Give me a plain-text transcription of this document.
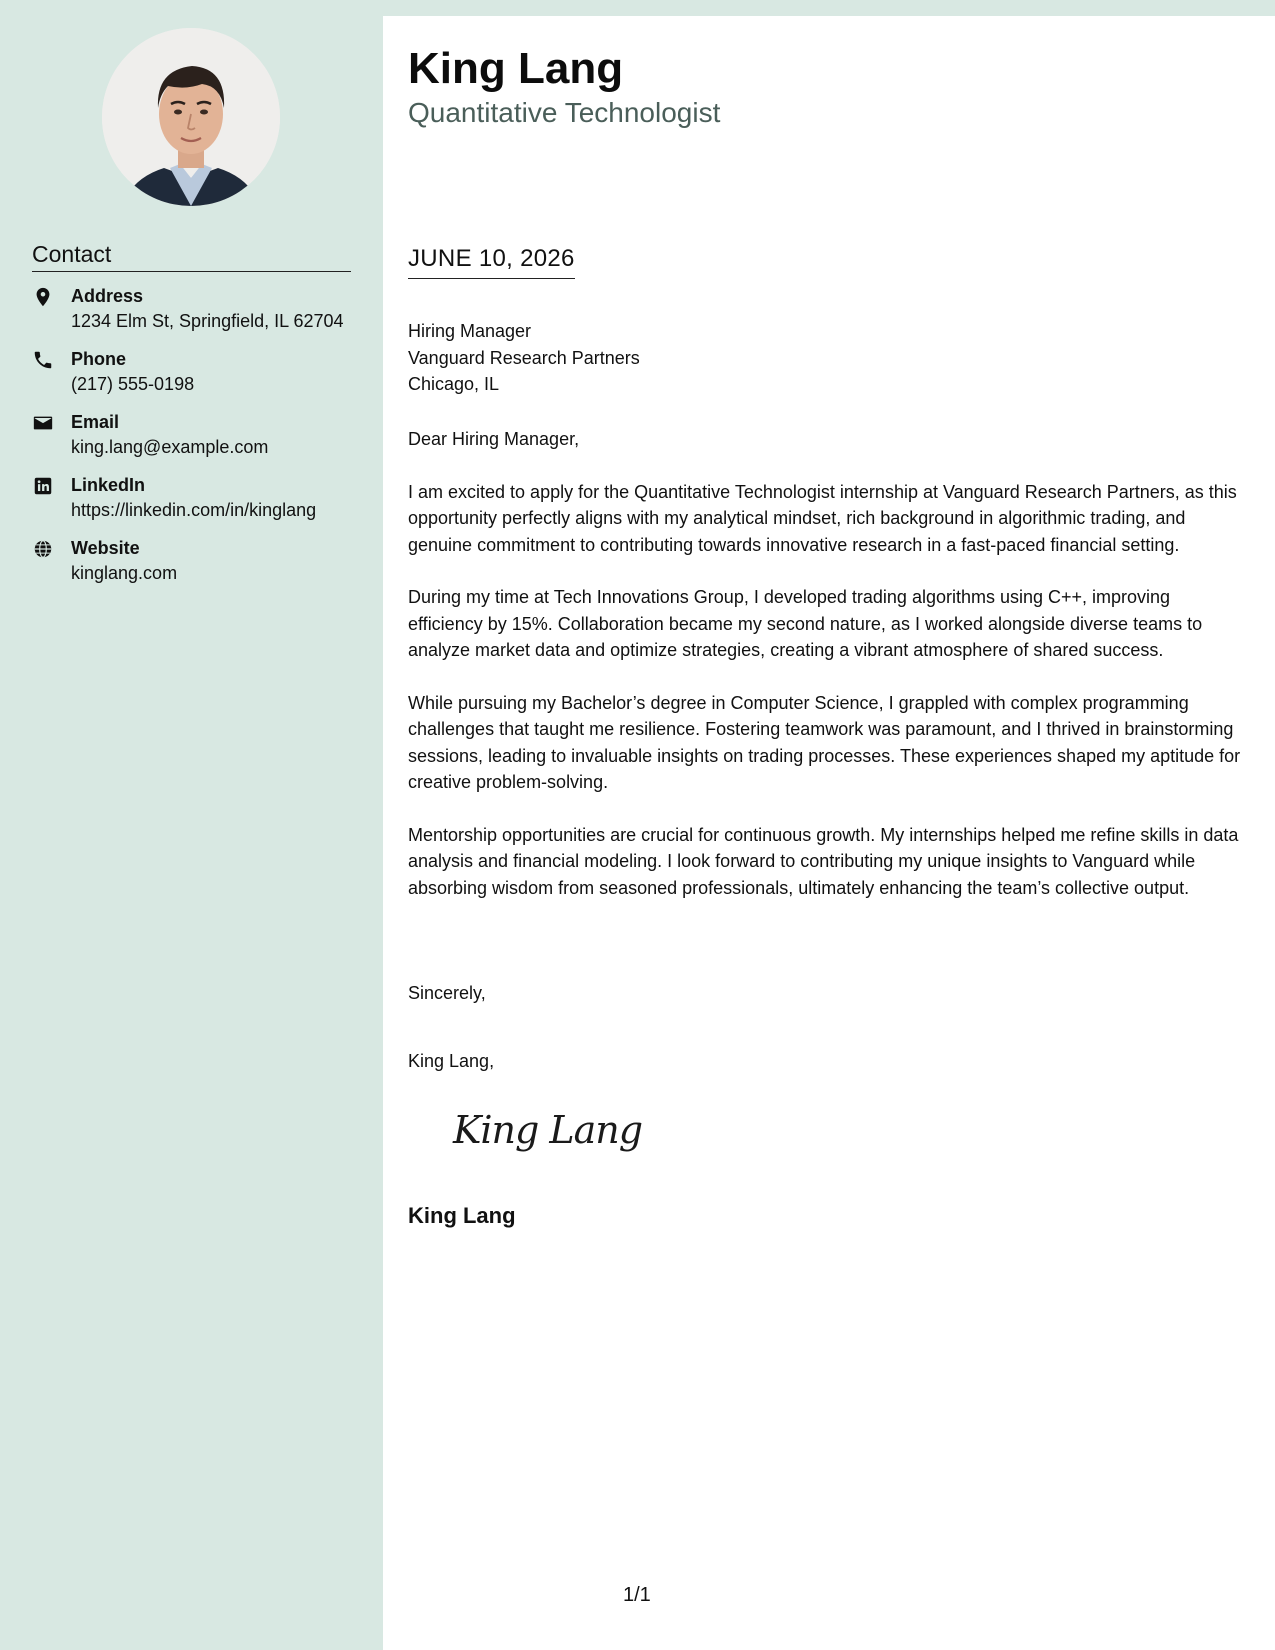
Contact
Address
1234 Elm St, Springfield, IL 62704
Phone
(217) 555-0198
Email
king.lang@example.com
LinkedIn
https://linkedin.com/in/kinglang
Website
kinglang.com
King Lang
Quantitative Technologist
JUNE 10, 2026
Hiring Manager
Vanguard Research Partners
Chicago, IL

Dear Hiring Manager,

I am excited to apply for the Quantitative Technologist internship at Vanguard Research Partners, as this opportunity perfectly aligns with my analytical mindset, rich background in algorithmic trading, and genuine commitment to contributing towards innovative research in a fast-paced financial setting.

During my time at Tech Innovations Group, I developed trading algorithms using C++, improving efficiency by 15%. Collaboration became my second nature, as I worked alongside diverse teams to analyze market data and optimize strategies, creating a vibrant atmosphere of shared success.

While pursuing my Bachelor’s degree in Computer Science, I grappled with complex programming challenges that taught me resilience. Fostering teamwork was paramount, and I thrived in brainstorming sessions, leading to invaluable insights on trading processes. These experiences shaped my aptitude for creative problem-solving.

Mentorship opportunities are crucial for continuous growth. My internships helped me refine skills in data analysis and financial modeling. I look forward to contributing my unique insights to Vanguard while absorbing wisdom from seasoned professionals, ultimately enhancing the team’s collective output.

Sincerely,
King Lang,
King Lang
King Lang
1/1
